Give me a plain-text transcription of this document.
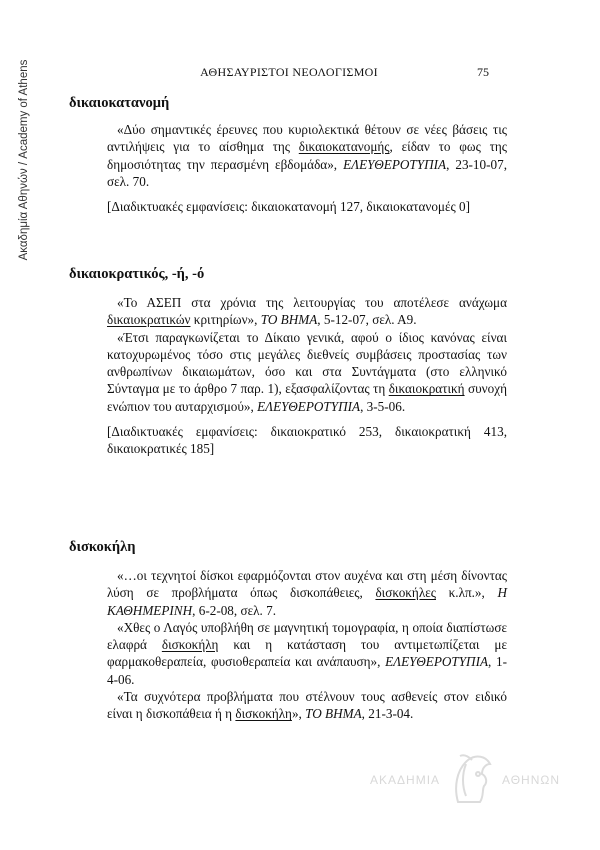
Ακαδημία Αθηνών / Academy of Athens	ΑΘΗΣΑΥΡΙΣΤΟΙ ΝΕΟΛΟΓΙΣΜΟΙ	75
δικαιοκατανομή

«Δύο σημαντικές έρευνες που κυριολεκτικά θέτουν σε νέες βάσεις τις αντιλήψεις για το αίσθημα της δικαιοκατανομής, είδαν το φως της δημοσιότητας την περασμένη εβδομάδα», ΕΛΕΥΘΕΡΟΤΥΠΙΑ, 23-10-07, σελ. 70.

[Διαδικτυακές εμφανίσεις: δικαιοκατανομή 127, δικαιοκατανομές 0]

δικαιοκρατικός, -ή, -ό

«Το ΑΣΕΠ στα χρόνια της λειτουργίας του αποτέλεσε ανάχωμα δικαιοκρατικών κριτηρίων», ΤΟ ΒΗΜΑ, 5-12-07, σελ. Α9.

«Έτσι παραγκωνίζεται το Δίκαιο γενικά, αφού ο ίδιος κανόνας είναι κατοχυρωμένος τόσο στις μεγάλες διεθνείς συμβάσεις προστασίας των ανθρωπίνων δικαιωμάτων, όσο και στα Συντάγματα (στο ελληνικό Σύνταγμα με το άρθρο 7 παρ. 1), εξασφαλίζοντας τη δικαιοκρατική συνοχή ενώπιον του αυταρχισμού», ΕΛΕΥΘΕΡΟΤΥΠΙΑ, 3-5-06.

[Διαδικτυακές εμφανίσεις: δικαιοκρατικό 253, δικαιοκρατική 413, δικαιοκρατικές 185]

δισκοκήλη

«…οι τεχνητοί δίσκοι εφαρμόζονται στον αυχένα και στη μέση δίνοντας λύση σε προβλήματα όπως δισκοπάθειες, δισκοκήλες κ.λπ.», Η ΚΑΘΗΜΕΡΙΝΗ, 6-2-08, σελ. 7.

«Χθες ο Λαγός υποβλήθη σε μαγνητική τομογραφία, η οποία διαπίστωσε ελαφρά δισκοκήλη και η κατάσταση του αντιμετωπίζεται με φαρμακοθεραπεία, φυσιοθεραπεία και ανάπαυση», ΕΛΕΥΘΕΡΟΤΥΠΙΑ, 1-4-06.

«Τα συχνότερα προβλήματα που στέλνουν τους ασθενείς στον ειδικό είναι η δισκοπάθεια ή η δισκοκήλη», ΤΟ ΒΗΜΑ, 21-3-04.

ΑΚΑΔΗΜΙΑ	ΑΘΗΝΩΝ
